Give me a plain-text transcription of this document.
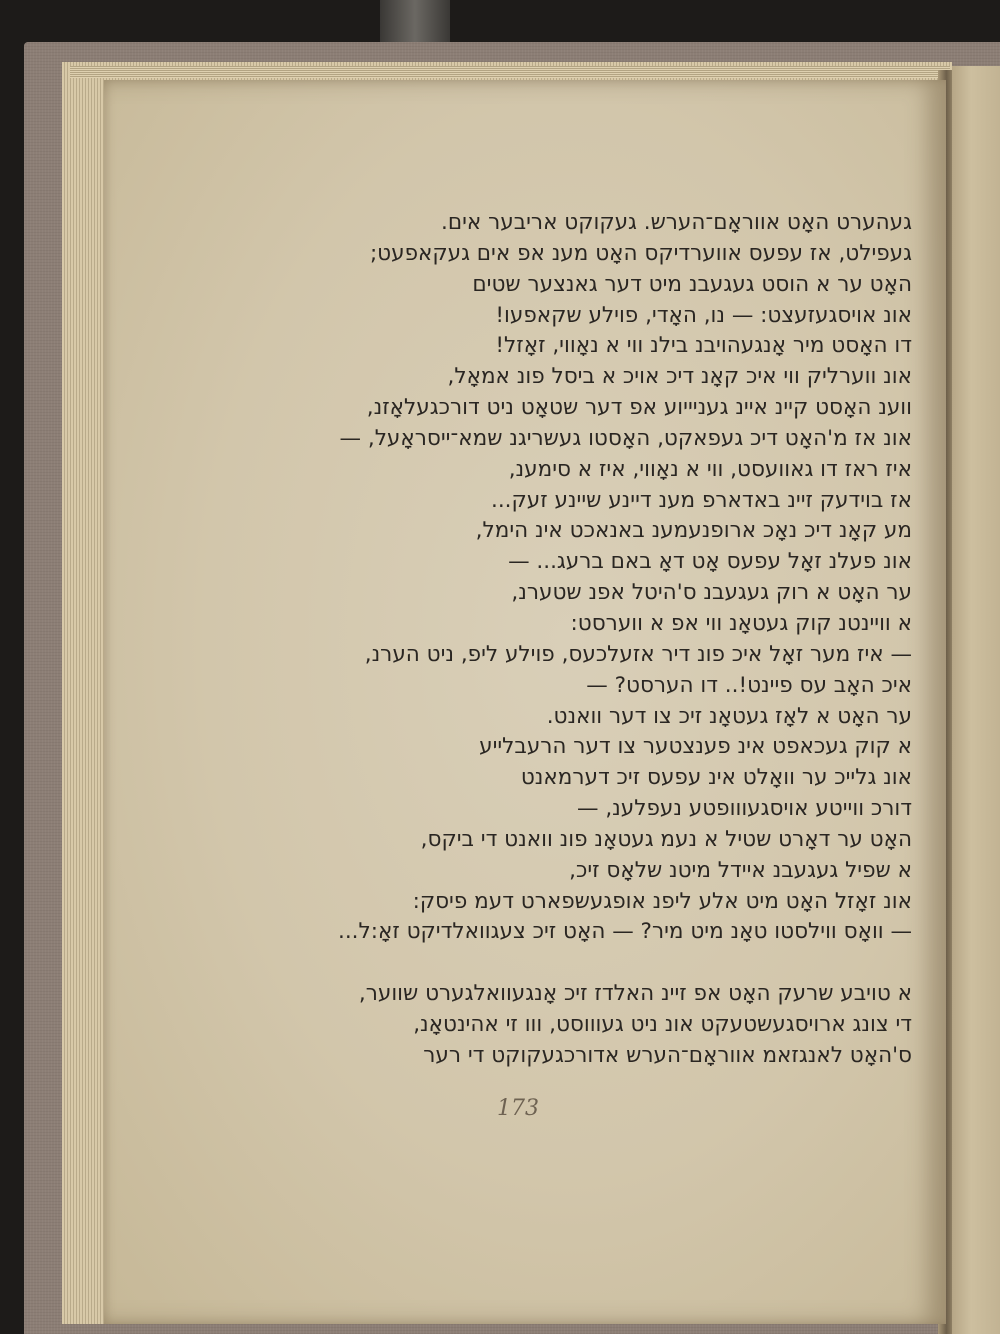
געהערט האָט אווראָם־הערש. געקוקט אריבער אים.
געפילט, אז עפעס אווערדיקס האָט מענ אפ אים געקאפעט;
האָט ער א הוסט געגעבנ מיט דער גאנצער שטים
אונ אויסגעזעצט: — נו, האָדי, פוילע שקאפעו!
דו האָסט מיר אָנגעהויבנ בילנ ווי א נאָווי, זאָזל!
אונ ווערליק ווי איכ קאָנ דיכ אויכ א ביסל פונ אמאָל,
ווענ האָסט קיינ איינ געניייוע אפ דער שטאָט ניט דורכגעלאָזנ,
אונ אז מ'האָט דיכ געפאקט, האָסטו געשריגנ שמא־ייסראָעל, —
איז ראז דו גאוועסט, ווי א נאָווי, איז א סימענ,
אז בוידעק זיינ באדארפ מענ דיינע שיינע זעק...
מע קאָנ דיכ נאָכ ארופנעמענ באנאכט אינ הימל,
אונ פעלנ זאָל עפעס אָט דאָ באם ברעג... —
ער האָט א רוק געגעבנ ס'היטל אפנ שטערנ,
א וויינטנ קוק געטאָנ ווי אפ א ווערסט:
— איז מער זאָל איכ פונ דיר אזעלכעס, פוילע ליפ, ניט הערנ,
איכ האָב עס פיינט!.. דו הערסט? —
ער האָט א לאָז געטאָנ זיכ צו דער וואנט.
א קוק געכאפט אינ פענצטער צו דער הרעבלייע
אונ גלייכ ער וואָלט אינ עפעס זיכ דערמאנט
דורכ ווייטע אויסגעווופטע נעפלענ, —
האָט ער דאָרט שטיל א נעמ געטאָנ פונ וואנט די ביקס,
א שפיל געגעבנ איידל מיטנ שלאָס זיכ,
אונ זאָזל האָט מיט אלע ליפנ אופגעשפארט דעמ פיסק:
— וואָס ווילסטו טאָנ מיט מיר? — האָט זיכ צעגוואלדיקט זאָ:ל...
א טויבע שרעק האָט אפ זיינ האלדז זיכ אָנגעוואלגערט שווער,
די צונג ארויסגעשטעקט אונ ניט געוווסט, ווו זי אהינטאָנ,
ס'האָט לאנגזאמ אווראָם־הערש אדורכגעקוקט די רער
173
